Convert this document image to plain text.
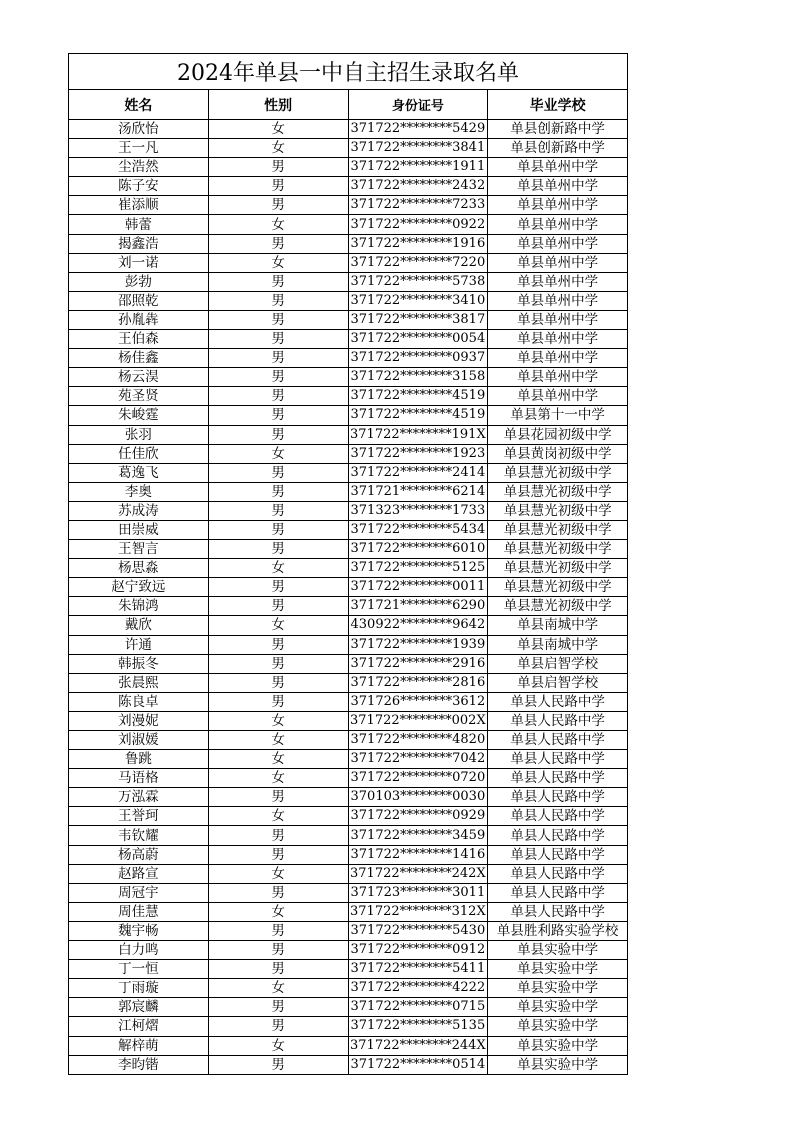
2024年单县一中自主招生录取名单			
姓名	性别	身份证号	毕业学校
汤欣怡	女	371722********5429	单县创新路中学
王一凡	女	371722********3841	单县创新路中学
尘浩然	男	371722********1911	单县单州中学
陈子安	男	371722********2432	单县单州中学
崔添顺	男	371722********7233	单县单州中学
韩蕾	女	371722********0922	单县单州中学
揭鑫浩	男	371722********1916	单县单州中学
刘一诺	女	371722********7220	单县单州中学
彭勃	男	371722********5738	单县单州中学
邵照乾	男	371722********3410	单县单州中学
孙胤犇	男	371722********3817	单县单州中学
王伯森	男	371722********0054	单县单州中学
杨佳鑫	男	371722********0937	单县单州中学
杨云淏	男	371722********3158	单县单州中学
苑圣贤	男	371722********4519	单县单州中学
朱峻霆	男	371722********4519	单县第十一中学
张羽	男	371722********191X	单县花园初级中学
任佳欣	女	371722********1923	单县黄岗初级中学
葛逸飞	男	371722********2414	单县慧光初级中学
李奥	男	371721********6214	单县慧光初级中学
苏成涛	男	371323********1733	单县慧光初级中学
田崇威	男	371722********5434	单县慧光初级中学
王智言	男	371722********6010	单县慧光初级中学
杨思淼	女	371722********5125	单县慧光初级中学
赵宁致远	男	371722********0011	单县慧光初级中学
朱锦鸿	男	371721********6290	单县慧光初级中学
戴欣	女	430922********9642	单县南城中学
许通	男	371722********1939	单县南城中学
韩振冬	男	371722********2916	单县启智学校
张晨熙	男	371722********2816	单县启智学校
陈良卓	男	371726********3612	单县人民路中学
刘漫妮	女	371722********002X	单县人民路中学
刘淑媛	女	371722********4820	单县人民路中学
鲁跳	女	371722********7042	单县人民路中学
马语格	女	371722********0720	单县人民路中学
万泓霖	男	370103********0030	单县人民路中学
王誉珂	女	371722********0929	单县人民路中学
韦钦耀	男	371722********3459	单县人民路中学
杨高蔚	男	371722********1416	单县人民路中学
赵路宣	女	371722********242X	单县人民路中学
周冠宇	男	371723********3011	单县人民路中学
周佳慧	女	371722********312X	单县人民路中学
魏宇畅	男	371722********5430	单县胜利路实验学校
白力鸣	男	371722********0912	单县实验中学
丁一恒	男	371722********5411	单县实验中学
丁雨璇	女	371722********4222	单县实验中学
郭宸麟	男	371722********0715	单县实验中学
江柯熠	男	371722********5135	单县实验中学
解梓萌	女	371722********244X	单县实验中学
李昀锴	男	371722********0514	单县实验中学
